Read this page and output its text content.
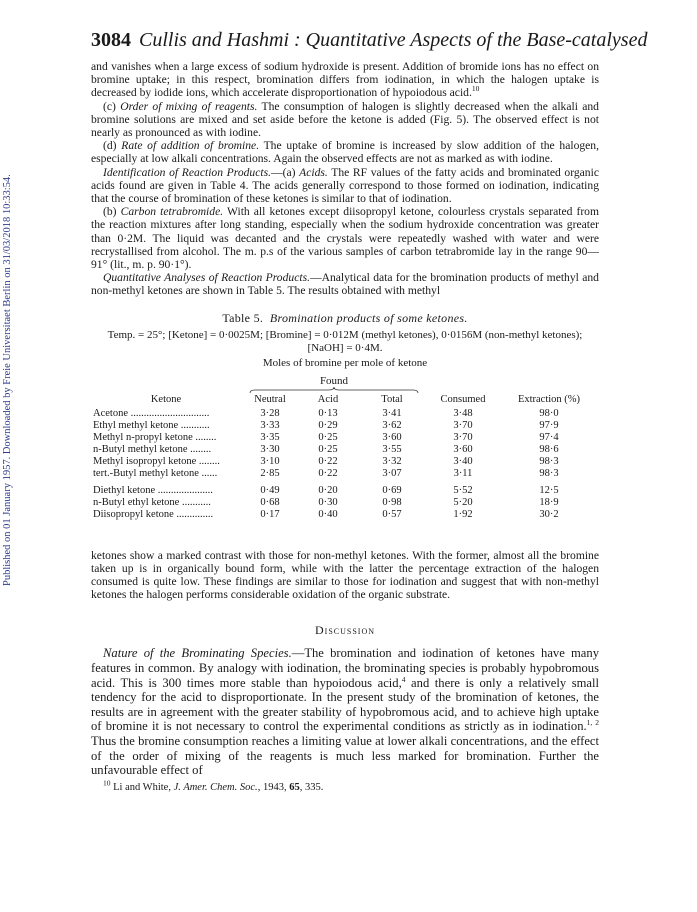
Published on 01 January 1957. Downloaded by Freie Universitaet Berlin on 31/03/2018 10:33:54.
3084 Cullis and Hashmi : Quantitative Aspects of the Base-catalysed

and vanishes when a large excess of sodium hydroxide is present. Addition of bromide ions has no effect on bromine uptake; in this respect, bromination differs from iodination, in which the halogen uptake is decreased by iodide ions, which accelerate disproportionation of hypoiodous acid.$^{10}$

(c) Order of mixing of reagents. The consumption of halogen is slightly decreased when the alkali and bromine solutions are mixed and set aside before the ketone is added (Fig. 5). The observed effect is not nearly as pronounced as with iodine.

(d) Rate of addition of bromine. The uptake of bromine is increased by slow addition of the halogen, especially at low alkali concentrations. Again the observed effects are not as marked as with iodine.

Identification of Reaction Products.—(a) Acids. The RF values of the fatty acids and brominated organic acids found are given in Table 4. The acids generally correspond to those formed on iodination, indicating that the course of bromination of these ketones is similar to that of iodination.

(b) Carbon tetrabromide. With all ketones except diisopropyl ketone, colourless crystals separated from the reaction mixtures after long standing, especially when the sodium hydroxide concentration was greater than 0·2M. The liquid was decanted and the crystals were repeatedly washed with water and were recrystallised from alcohol. The m. p.s of the various samples of carbon tetrabromide lay in the range 90—91° (lit., m. p. 90·1°).

Quantitative Analyses of Reaction Products.—Analytical data for the bromination products of methyl and non-methyl ketones are shown in Table 5. The results obtained with methyl

Table 5. Bromination products of some ketones.
Temp. = 25°; [Ketone] = 0·0025M; [Bromine] = 0·012M (methyl ketones), 0·0156M (non-methyl ketones); [NaOH] = 0·4M.
Moles of bromine per mole of ketone

	Found				

Ketone	Neutral	Acid	Total	Consumed	Extraction (%)
Acetone ..............................	3·28	0·13	3·41	3·48	98·0
Ethyl methyl ketone ...........	3·33	0·29	3·62	3·70	97·9
Methyl n-propyl ketone ........	3·35	0·25	3·60	3·70	97·4
n-Butyl methyl ketone ........	3·30	0·25	3·55	3·60	98·6
Methyl isopropyl ketone ........	3·10	0·22	3·32	3·40	98·3
tert.-Butyl methyl ketone ......	2·85	0·22	3·07	3·11	98·3

Diethyl ketone .....................	0·49	0·20	0·69	5·52	12·5
n-Butyl ethyl ketone ...........	0·68	0·30	0·98	5·20	18·9
Diisopropyl ketone ..............	0·17	0·40	0·57	1·92	30·2

ketones show a marked contrast with those for non-methyl ketones. With the former, almost all the bromine taken up is in organically bound form, while with the latter the percentage extraction of the halogen consumed is quite low. These findings are similar to those for iodination and suggest that with non-methyl ketones the halogen performs considerable oxidation of the organic substrate.

Discussion

Nature of the Brominating Species.—The bromination and iodination of ketones have many features in common. By analogy with iodination, the brominating species is probably hypobromous acid. This is 300 times more stable than hypoiodous acid,$^4$ and there is only a relatively small tendency for the acid to disproportionate. In the present study of the bromination of ketones, the results are in agreement with the greater stability of hypobromous acid, and to achieve high uptake of bromine it is not necessary to control the experimental conditions as strictly as in iodination.$^{1, 2}$ Thus the bromine consumption reaches a limiting value at lower alkali concentrations, and the effect of the order of mixing of the reagents is much less marked for bromination. Further the unfavourable effect of

$^{10}$ Li and White, J. Amer. Chem. Soc., 1943, 65, 335.
